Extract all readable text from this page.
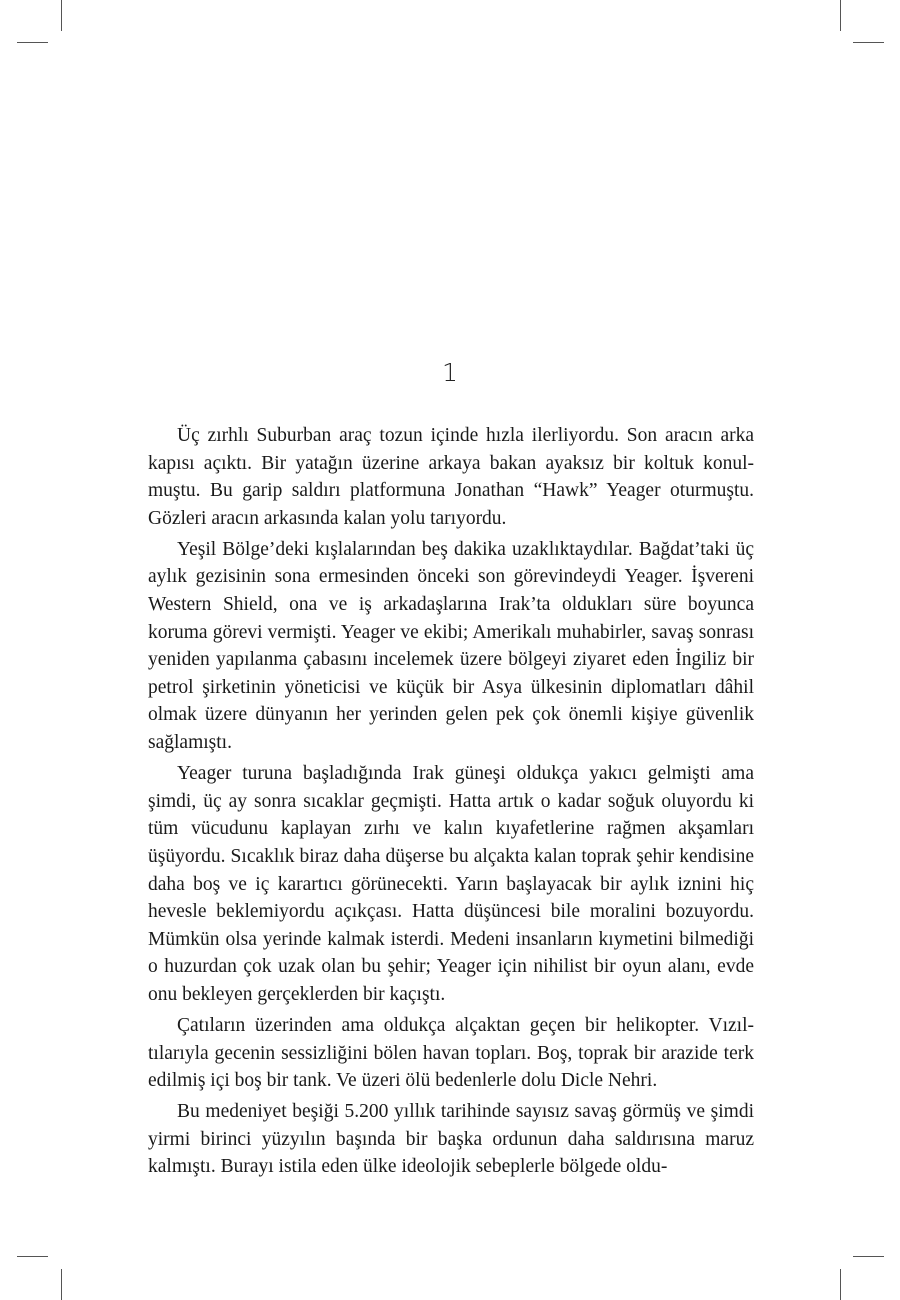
1

Üç zırhlı Suburban araç tozun içinde hızla ilerliyordu. Son aracın arka kapısı açıktı. Bir yatağın üzerine arkaya bakan ayaksız bir koltuk konulmuştu. Bu garip saldırı platformuna Jonathan “Hawk” Yeager oturmuştu. Gözleri aracın arkasında kalan yolu tarıyordu.

Yeşil Bölge’deki kışlalarından beş dakika uzaklıktaydılar. Bağdat’taki üç aylık gezisinin sona ermesinden önceki son görevindeydi Yeager. İşvereni Western Shield, ona ve iş arkadaşlarına Irak’ta oldukları süre boyunca koruma görevi vermişti. Yeager ve ekibi; Amerikalı muhabirler, savaş sonrası yeniden yapılanma çabasını incelemek üzere bölgeyi ziyaret eden İngiliz bir petrol şirketinin yöneticisi ve küçük bir Asya ülkesinin diplomatları dâhil olmak üzere dünyanın her yerinden gelen pek çok önemli kişiye güvenlik sağlamıştı.

Yeager turuna başladığında Irak güneşi oldukça yakıcı gelmişti ama şimdi, üç ay sonra sıcaklar geçmişti. Hatta artık o kadar soğuk oluyordu ki tüm vücudunu kaplayan zırhı ve kalın kıyafetlerine rağmen akşamları üşüyordu. Sıcaklık biraz daha düşerse bu alçakta kalan toprak şehir kendisine daha boş ve iç karartıcı görünecekti. Yarın başlayacak bir aylık iznini hiç hevesle beklemiyordu açıkçası. Hatta düşüncesi bile moralini bozuyordu. Mümkün olsa yerinde kalmak isterdi. Medeni insanların kıymetini bilmediği o huzurdan çok uzak olan bu şehir; Yeager için nihilist bir oyun alanı, evde onu bekleyen gerçeklerden bir kaçıştı.

Çatıların üzerinden ama oldukça alçaktan geçen bir helikopter. Vızıltılarıyla gecenin sessizliğini bölen havan topları. Boş, toprak bir arazide terk edilmiş içi boş bir tank. Ve üzeri ölü bedenlerle dolu Dicle Nehri.

Bu medeniyet beşiği 5.200 yıllık tarihinde sayısız savaş görmüş ve şimdi yirmi birinci yüzyılın başında bir başka ordunun daha saldırısına maruz kalmıştı. Burayı istila eden ülke ideolojik sebeplerle bölgede oldu-
